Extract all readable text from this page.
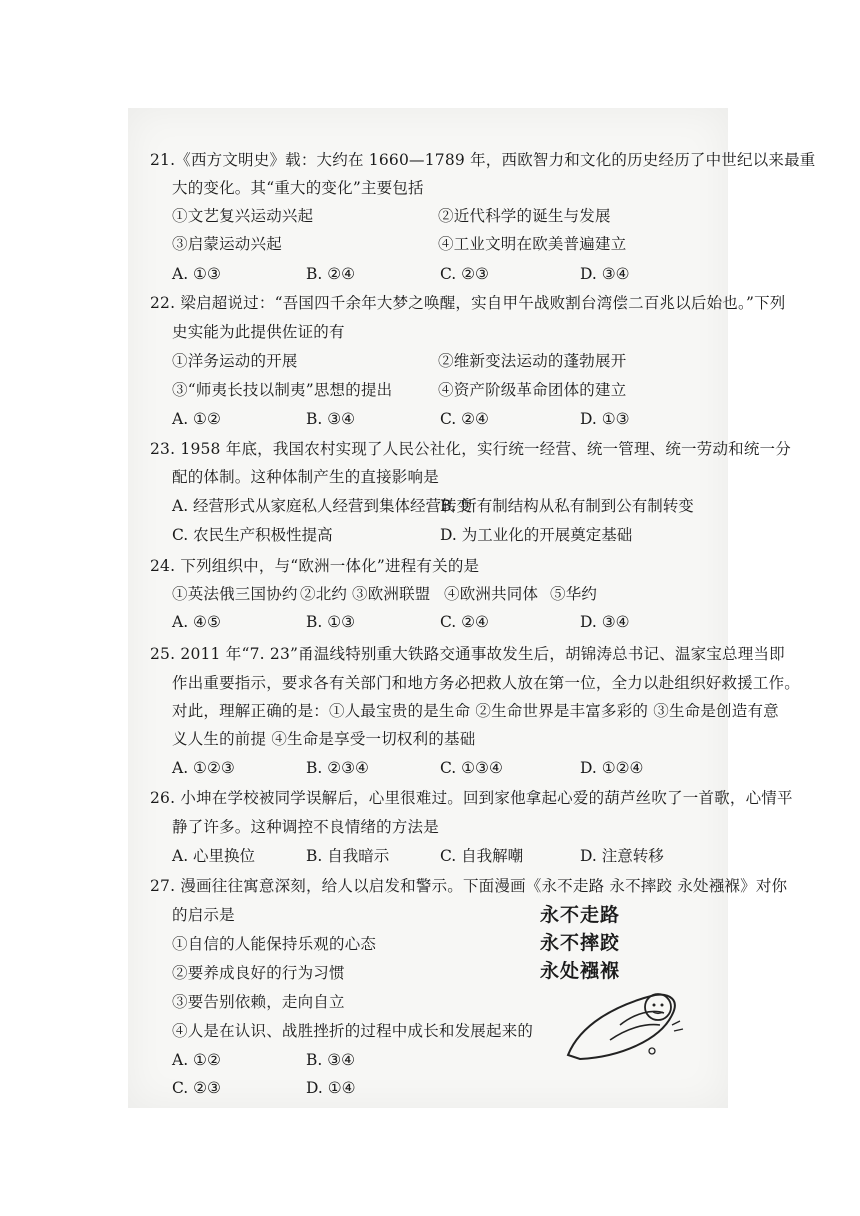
21.《西方文明史》载：大约在 1660—1789 年，西欧智力和文化的历史经历了中世纪以来最重
大的变化。其“重大的变化”主要包括
①文艺复兴运动兴起	②近代科学的诞生与发展
③启蒙运动兴起	④工业文明在欧美普遍建立
A. ①③	B. ②④	C. ②③	D. ③④
22. 梁启超说过：“吾国四千余年大梦之唤醒，实自甲午战败割台湾偿二百兆以后始也。”下列
史实能为此提供佐证的有
①洋务运动的开展	②维新变法运动的蓬勃展开
③“师夷长技以制夷”思想的提出	④资产阶级革命团体的建立
A. ①②	B. ③④	C. ②④	D. ①③
23. 1958 年底，我国农村实现了人民公社化，实行统一经营、统一管理、统一劳动和统一分
配的体制。这种体制产生的直接影响是
A. 经营形式从家庭私人经营到集体经营转变
B. 所有制结构从私有制到公有制转变
C. 农民生产积极性提高	D. 为工业化的开展奠定基础
24. 下列组织中，与“欧洲一体化”进程有关的是
①英法俄三国协约 ②北约 ③欧洲联盟 ④欧洲共同体 ⑤华约
A. ④⑤	B. ①③	C. ②④	D. ③④
25. 2011 年“7. 23”甬温线特别重大铁路交通事故发生后，胡锦涛总书记、温家宝总理当即
作出重要指示，要求各有关部门和地方务必把救人放在第一位，全力以赴组织好救援工作。
对此，理解正确的是：①人最宝贵的是生命 ②生命世界是丰富多彩的 ③生命是创造有意
义人生的前提 ④生命是享受一切权利的基础
A. ①②③	B. ②③④	C. ①③④	D. ①②④
26. 小坤在学校被同学误解后，心里很难过。回到家他拿起心爱的葫芦丝吹了一首歌，心情平
静了许多。这种调控不良情绪的方法是
A. 心里换位	B. 自我暗示	C. 自我解嘲	D. 注意转移
27. 漫画往往寓意深刻，给人以启发和警示。下面漫画《永不走路 永不摔跤 永处襁褓》对你
的启示是
①自信的人能保持乐观的心态
②要养成良好的行为习惯
③要告别依赖，走向自立
④人是在认识、战胜挫折的过程中成长和发展起来的
A. ①②	B. ③④
C. ②③	D. ①④
永不走路
永不摔跤
永处襁褓
